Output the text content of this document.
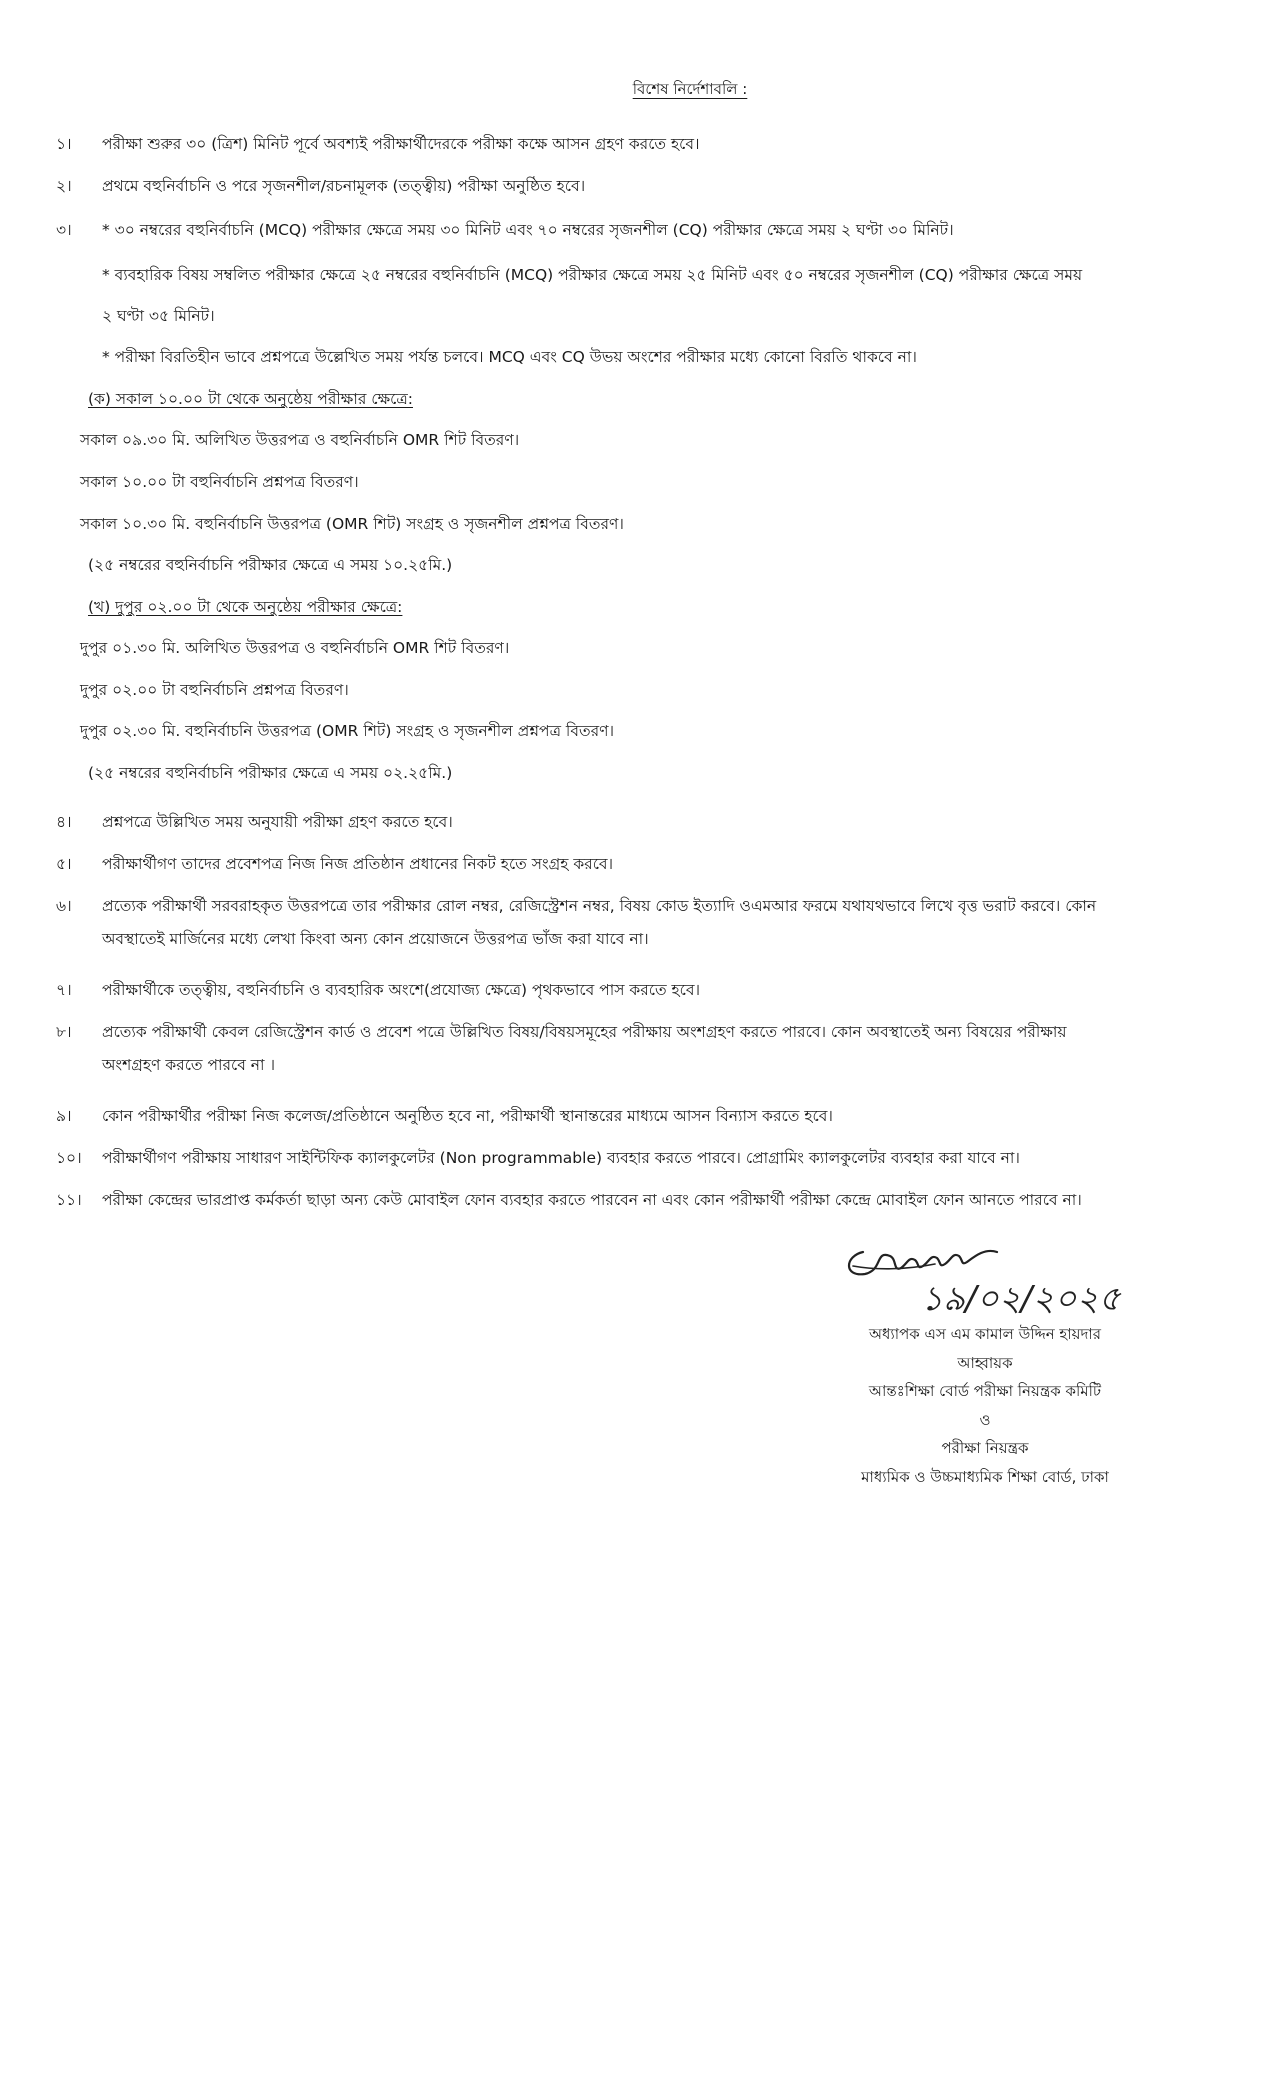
বিশেষ নির্দেশাবলি :
১।	পরীক্ষা শুরুর ৩০ (ত্রিশ) মিনিট পূর্বে অবশ্যই পরীক্ষার্থীদেরকে পরীক্ষা কক্ষে আসন গ্রহণ করতে হবে।
২।	প্রথমে বহুনির্বাচনি ও পরে সৃজনশীল/রচনামূলক (তত্ত্বীয়) পরীক্ষা অনুষ্ঠিত হবে।
৩।	* ৩০ নম্বরের বহুনির্বাচনি (MCQ) পরীক্ষার ক্ষেত্রে সময় ৩০ মিনিট এবং ৭০ নম্বরের সৃজনশীল (CQ) পরীক্ষার ক্ষেত্রে সময় ২ ঘণ্টা ৩০ মিনিট।
* ব্যবহারিক বিষয় সম্বলিত পরীক্ষার ক্ষেত্রে ২৫ নম্বরের বহুনির্বাচনি (MCQ) পরীক্ষার ক্ষেত্রে সময় ২৫ মিনিট এবং ৫০ নম্বরের সৃজনশীল (CQ) পরীক্ষার ক্ষেত্রে সময়
২ ঘণ্টা ৩৫ মিনিট।
* পরীক্ষা বিরতিহীন ভাবে প্রশ্নপত্রে উল্লেখিত সময় পর্যন্ত চলবে। MCQ এবং CQ উভয় অংশের পরীক্ষার মধ্যে কোনো বিরতি থাকবে না।
(ক) সকাল ১০.০০ টা থেকে অনুষ্ঠেয় পরীক্ষার ক্ষেত্রে:
সকাল ০৯.৩০ মি. অলিখিত উত্তরপত্র ও বহুনির্বাচনি OMR শিট বিতরণ।
সকাল ১০.০০ টা বহুনির্বাচনি প্রশ্নপত্র বিতরণ।
সকাল ১০.৩০ মি. বহুনির্বাচনি উত্তরপত্র (OMR শিট) সংগ্রহ ও সৃজনশীল প্রশ্নপত্র বিতরণ।
(২৫ নম্বরের বহুনির্বাচনি পরীক্ষার ক্ষেত্রে এ সময় ১০.২৫মি.)
(খ) দুপুর ০২.০০ টা থেকে অনুষ্ঠেয় পরীক্ষার ক্ষেত্রে:
দুপুর ০১.৩০ মি. অলিখিত উত্তরপত্র ও বহুনির্বাচনি OMR শিট বিতরণ।
দুপুর ০২.০০ টা বহুনির্বাচনি প্রশ্নপত্র বিতরণ।
দুপুর ০২.৩০ মি. বহুনির্বাচনি উত্তরপত্র (OMR শিট) সংগ্রহ ও সৃজনশীল প্রশ্নপত্র বিতরণ।
(২৫ নম্বরের বহুনির্বাচনি পরীক্ষার ক্ষেত্রে এ সময় ০২.২৫মি.)
৪।	প্রশ্নপত্রে উল্লিখিত সময় অনুযায়ী পরীক্ষা গ্রহণ করতে হবে।
৫।	পরীক্ষার্থীগণ তাদের প্রবেশপত্র নিজ নিজ প্রতিষ্ঠান প্রধানের নিকট হতে সংগ্রহ করবে।
৬।	প্রত্যেক পরীক্ষার্থী সরবরাহকৃত উত্তরপত্রে তার পরীক্ষার রোল নম্বর, রেজিস্ট্রেশন নম্বর, বিষয় কোড ইত্যাদি ওএমআর ফরমে যথাযথভাবে লিখে বৃত্ত ভরাট করবে। কোন
অবস্থাতেই মার্জিনের মধ্যে লেখা কিংবা অন্য কোন প্রয়োজনে উত্তরপত্র ভাঁজ করা যাবে না।
৭।	পরীক্ষার্থীকে তত্ত্বীয়, বহুনির্বাচনি ও ব্যবহারিক অংশে(প্রযোজ্য ক্ষেত্রে) পৃথকভাবে পাস করতে হবে।
৮।	প্রত্যেক পরীক্ষার্থী কেবল রেজিস্ট্রেশন কার্ড ও প্রবেশ পত্রে উল্লিখিত বিষয়/বিষয়সমূহের পরীক্ষায় অংশগ্রহণ করতে পারবে। কোন অবস্থাতেই অন্য বিষয়ের পরীক্ষায়
অংশগ্রহণ করতে পারবে না ।
৯।	কোন পরীক্ষার্থীর পরীক্ষা নিজ কলেজ/প্রতিষ্ঠানে অনুষ্ঠিত হবে না, পরীক্ষার্থী স্থানান্তরের মাধ্যমে আসন বিন্যাস করতে হবে।
১০।	পরীক্ষার্থীগণ পরীক্ষায় সাধারণ সাইন্টিফিক ক্যালকুলেটর (Non programmable) ব্যবহার করতে পারবে। প্রোগ্রামিং ক্যালকুলেটর ব্যবহার করা যাবে না।
১১।	পরীক্ষা কেন্দ্রের ভারপ্রাপ্ত কর্মকর্তা ছাড়া অন্য কেউ মোবাইল ফোন ব্যবহার করতে পারবেন না এবং কোন পরীক্ষার্থী পরীক্ষা কেন্দ্রে মোবাইল ফোন আনতে পারবে না।
১৯/০২/২০২৫
অধ্যাপক এস এম কামাল উদ্দিন হায়দার
আহ্বায়ক
আন্তঃশিক্ষা বোর্ড পরীক্ষা নিয়ন্ত্রক কমিটি
ও
পরীক্ষা নিয়ন্ত্রক
মাধ্যমিক ও উচ্চমাধ্যমিক শিক্ষা বোর্ড, ঢাকা
